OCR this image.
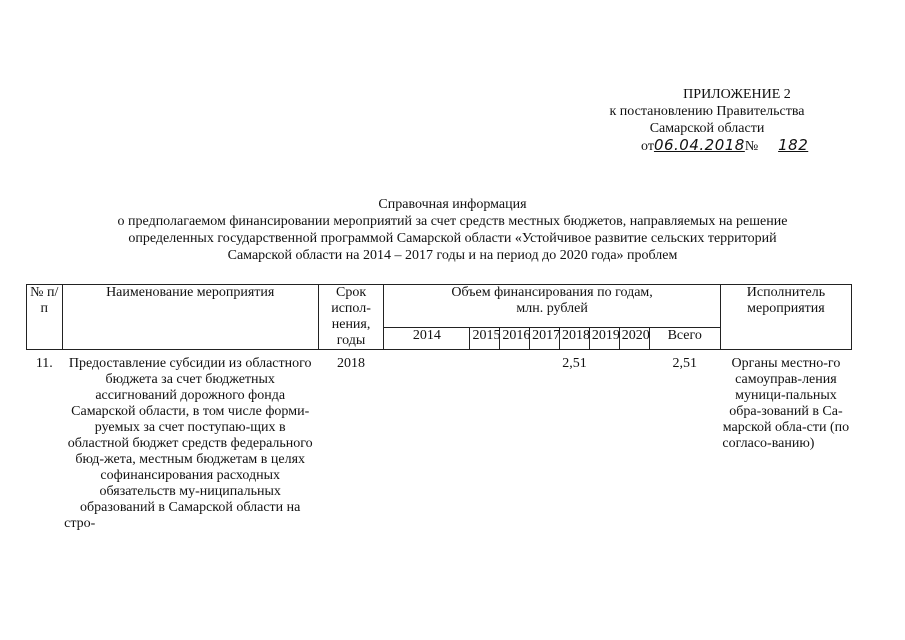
ПРИЛОЖЕНИЕ 2
к постановлению Правительства
Самарской области
от06.04.2018№ 182
Справочная информация
о предполагаемом финансировании мероприятий за счет средств местных бюджетов, направляемых на решение
определенных государственной программой Самарской области «Устойчивое развитие сельских территорий
Самарской области на 2014 – 2017 годы и на период до 2020 года» проблем
№ п/п	Наименование мероприятия	Срок испол-нения, годы	Объем финансирования по годам,
млн. рублей								Исполнитель мероприятия
			2014	2015	2016	2017	2018	2019	2020	Всего	
11.	Предоставление субсидии из областного бюджета за счет бюджетных ассигнований дорожного фонда Самарской области, в том числе форми-руемых за счет поступаю-щих в областной бюджет средств федерального бюд-жета, местным бюджетам в целях софинансирования расходных обязательств му-ниципальных образований в Самарской области на стро-	2018					2,51			2,51	Органы местно-го самоуправ-ления муници-пальных обра-зований в Са-марской обла-сти (по согласо-ванию)
